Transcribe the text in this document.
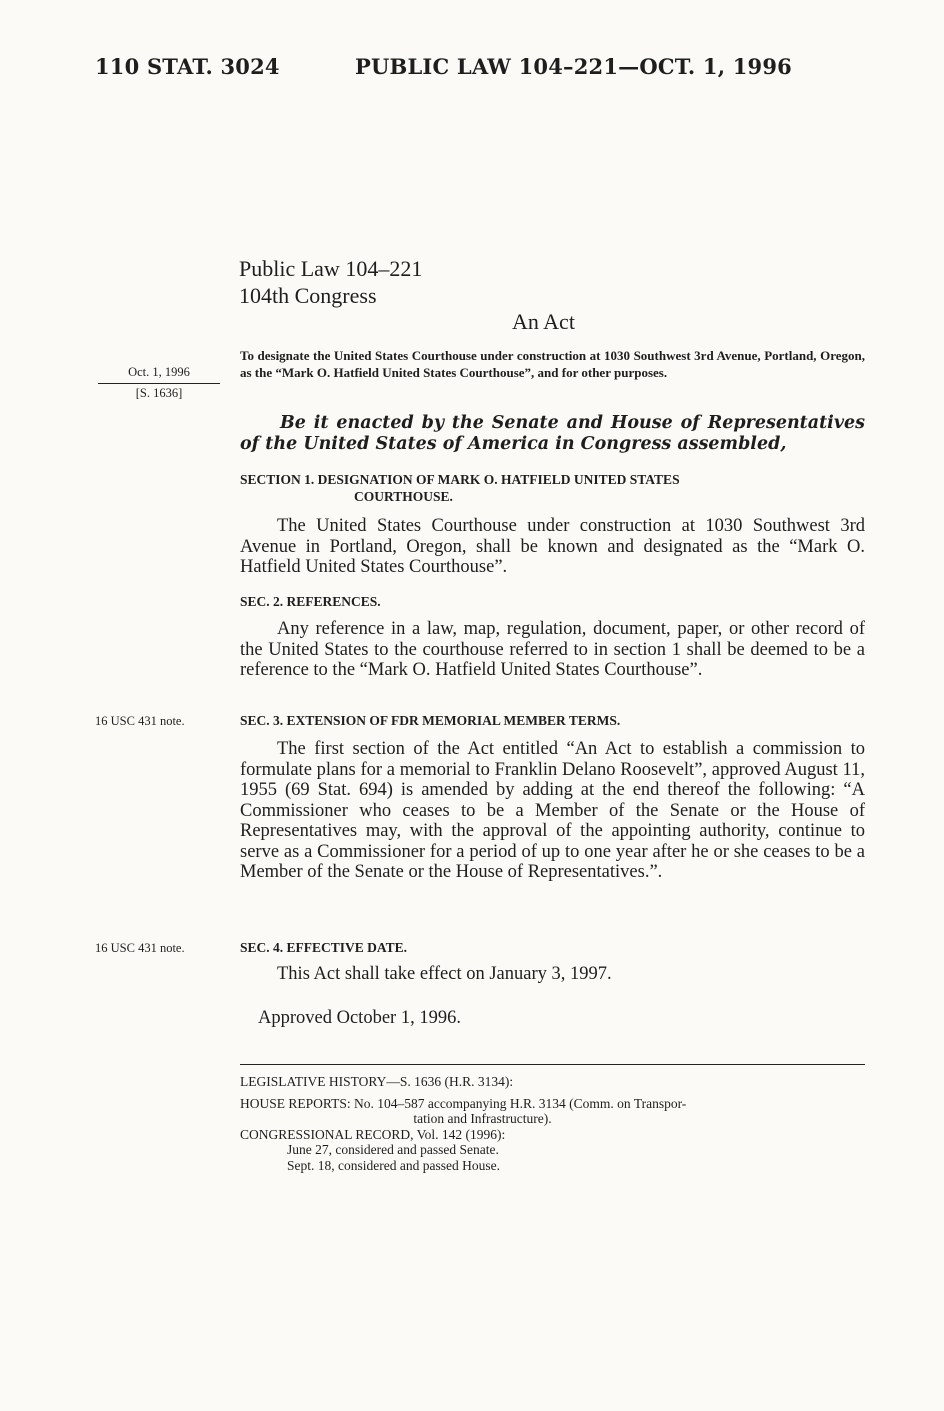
110 STAT. 3024	PUBLIC LAW 104–221—OCT. 1, 1996
Public Law 104–221
104th Congress
An Act
Oct. 1, 1996
[S. 1636]
To designate the United States Courthouse under construction at 1030 Southwest 3rd Avenue, Portland, Oregon, as the “Mark O. Hatfield United States Courthouse”, and for other purposes.
Be it enacted by the Senate and House of Representatives of the United States of America in Congress assembled,
SECTION 1. DESIGNATION OF MARK O. HATFIELD UNITED STATES
COURTHOUSE.
The United States Courthouse under construction at 1030 Southwest 3rd Avenue in Portland, Oregon, shall be known and designated as the “Mark O. Hatfield United States Courthouse”.
SEC. 2. REFERENCES.
Any reference in a law, map, regulation, document, paper, or other record of the United States to the courthouse referred to in section 1 shall be deemed to be a reference to the “Mark O. Hatfield United States Courthouse”.
16 USC 431 note.	SEC. 3. EXTENSION OF FDR MEMORIAL MEMBER TERMS.
The first section of the Act entitled “An Act to establish a commission to formulate plans for a memorial to Franklin Delano Roosevelt”, approved August 11, 1955 (69 Stat. 694) is amended by adding at the end thereof the following: “A Commissioner who ceases to be a Member of the Senate or the House of Representatives may, with the approval of the appointing authority, continue to serve as a Commissioner for a period of up to one year after he or she ceases to be a Member of the Senate or the House of Representatives.”.
16 USC 431 note.	SEC. 4. EFFECTIVE DATE.
This Act shall take effect on January 3, 1997.
Approved October 1, 1996.
LEGISLATIVE HISTORY—S. 1636 (H.R. 3134):
HOUSE REPORTS: No. 104–587 accompanying H.R. 3134 (Comm. on Transpor-
tation and Infrastructure).
CONGRESSIONAL RECORD, Vol. 142 (1996):
June 27, considered and passed Senate.
Sept. 18, considered and passed House.
